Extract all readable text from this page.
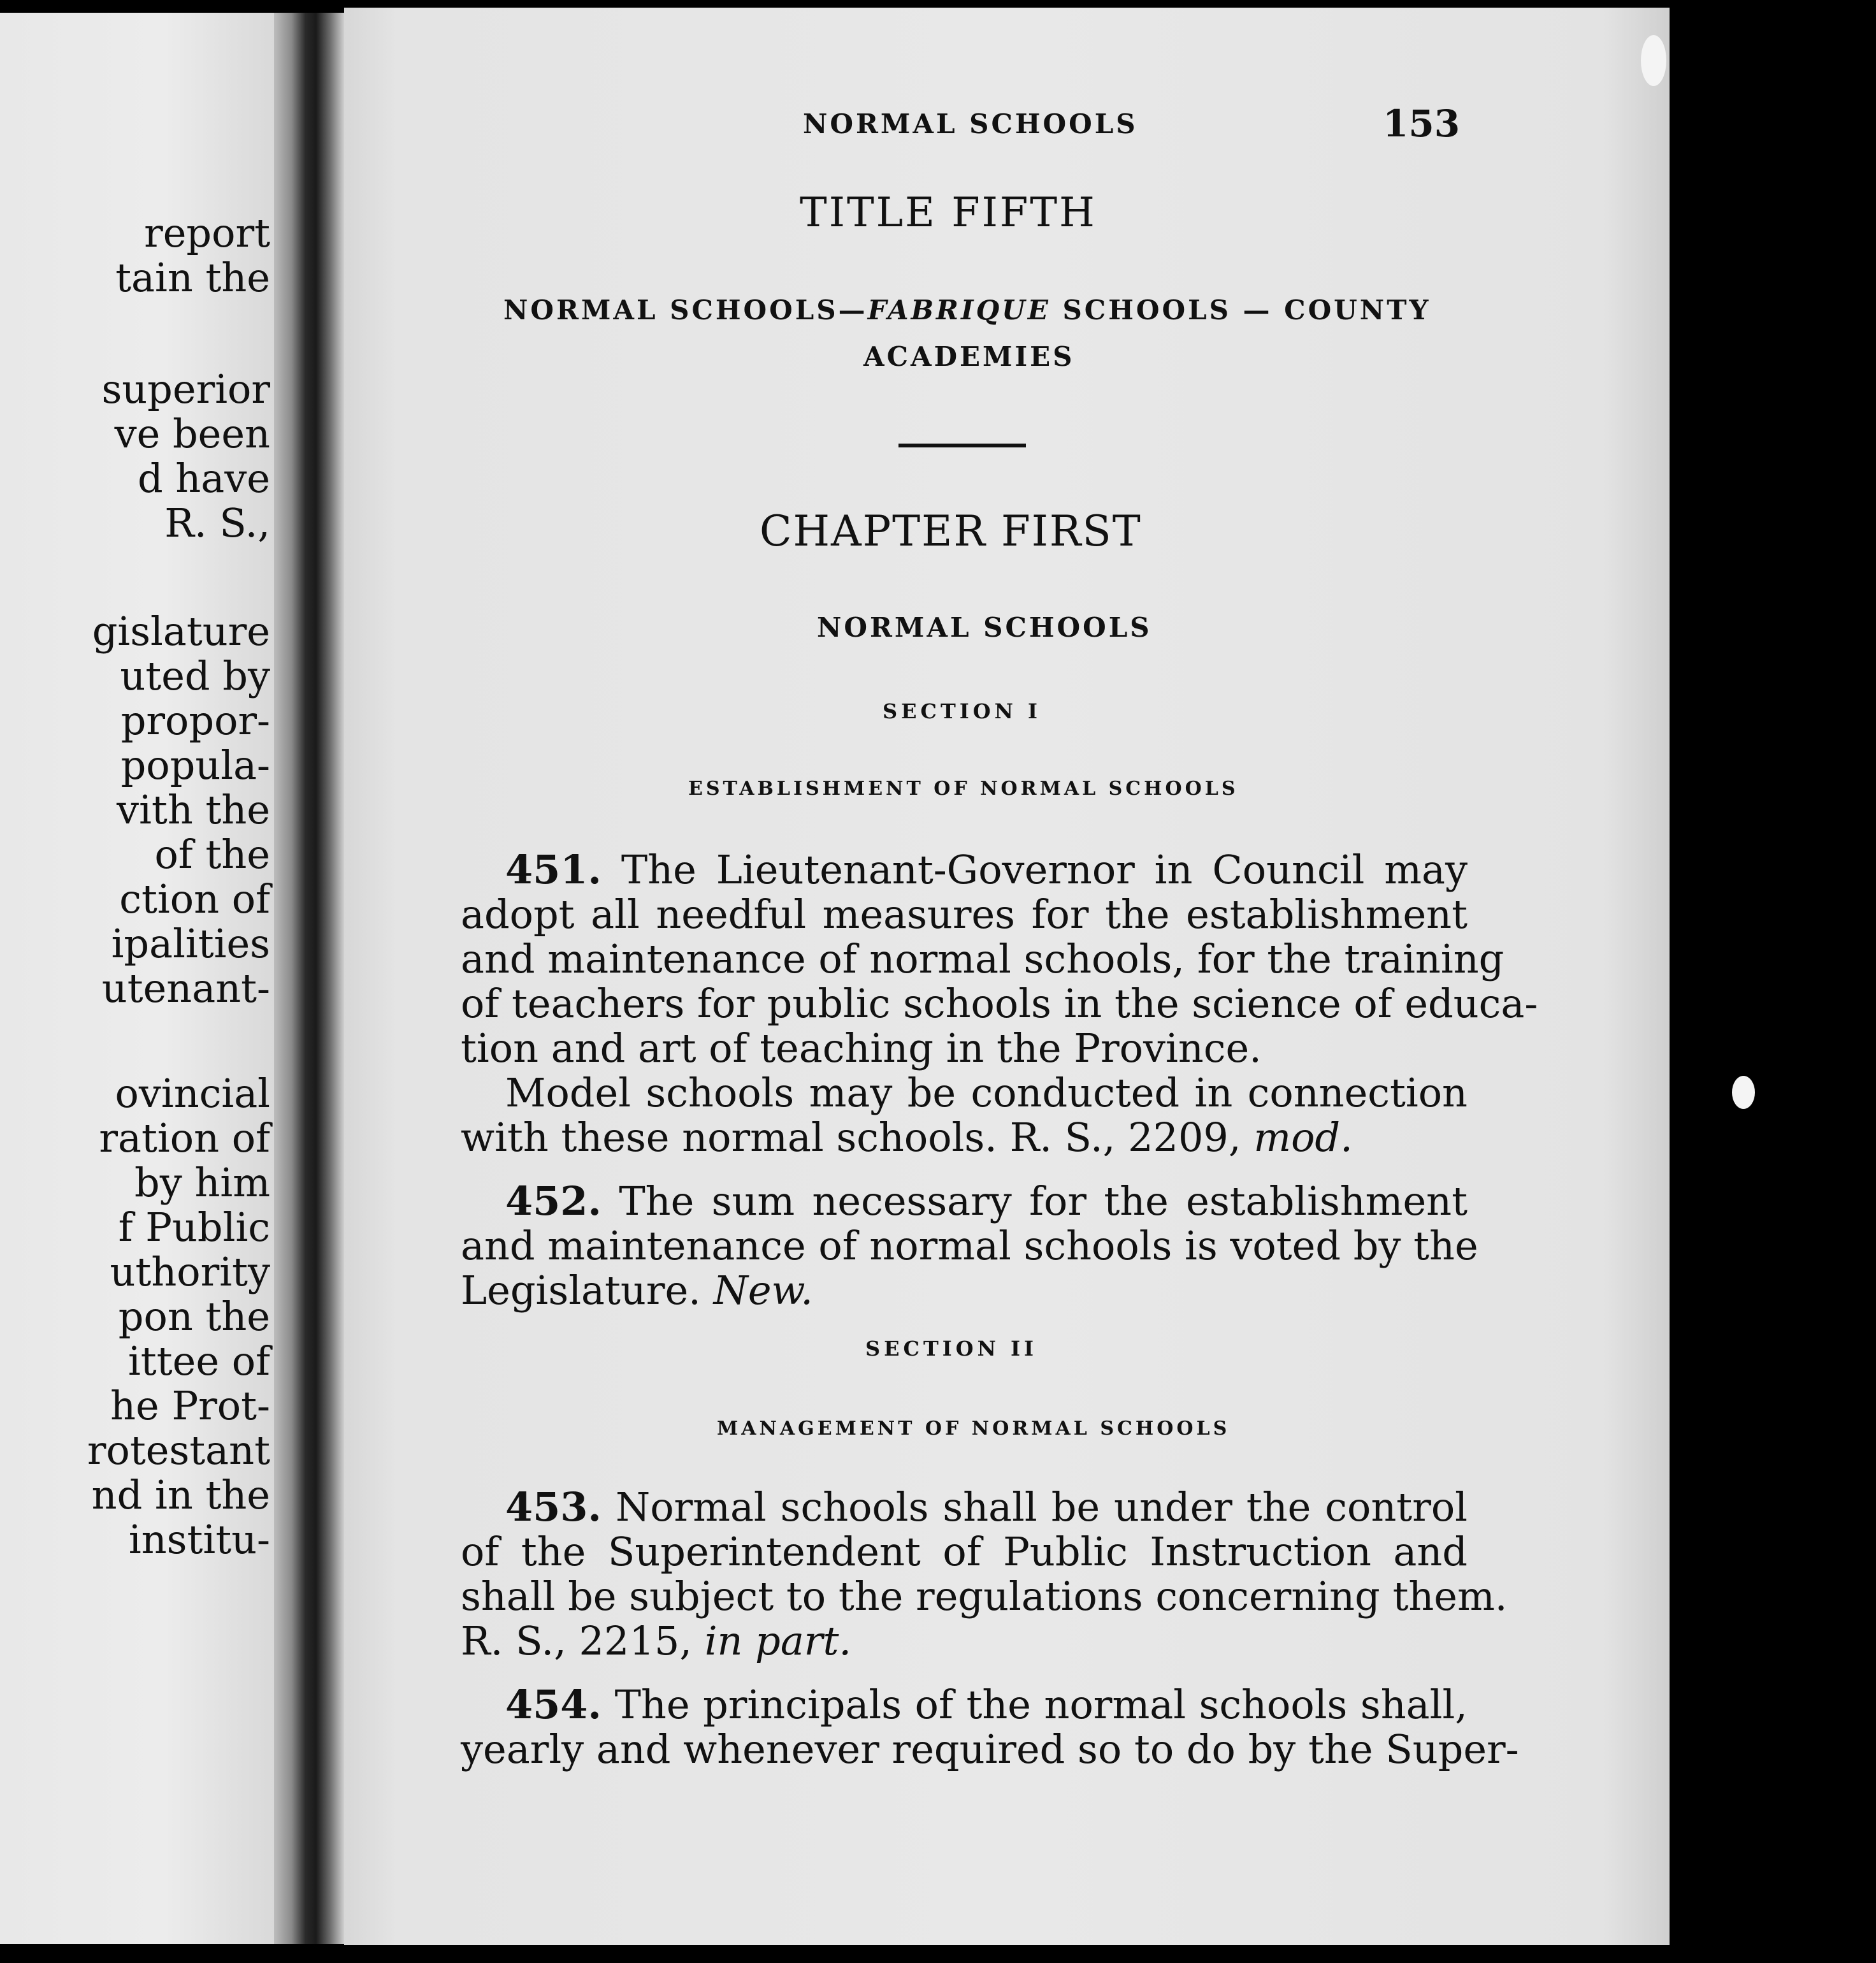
report
tain the
superior
ve been
d have
R. S.,
gislature
uted by
propor-
popula-
vith the
of the
ction of
ipalities
utenant-
ovincial
ration of
by him
f Public
uthority
pon the
ittee of
he Prot-
rotestant
nd in the
institu-
NORMAL SCHOOLS	153
TITLE FIFTH
NORMAL SCHOOLS—FABRIQUE SCHOOLS — COUNTY
ACADEMIES
CHAPTER FIRST
NORMAL SCHOOLS
SECTION I
ESTABLISHMENT OF NORMAL SCHOOLS
451. The Lieutenant-Governor in Council may
adopt all needful measures for the establishment
and maintenance of normal schools, for the training
of teachers for public schools in the science of educa-
tion and art of teaching in the Province.
Model schools may be conducted in connection
with these normal schools. R. S., 2209, mod.
452. The sum necessary for the establishment
and maintenance of normal schools is voted by the
Legislature. New.
SECTION II
MANAGEMENT OF NORMAL SCHOOLS
453. Normal schools shall be under the control
of the Superintendent of Public Instruction and
shall be subject to the regulations concerning them.
R. S., 2215, in part.
454. The principals of the normal schools shall,
yearly and whenever required so to do by the Super-
